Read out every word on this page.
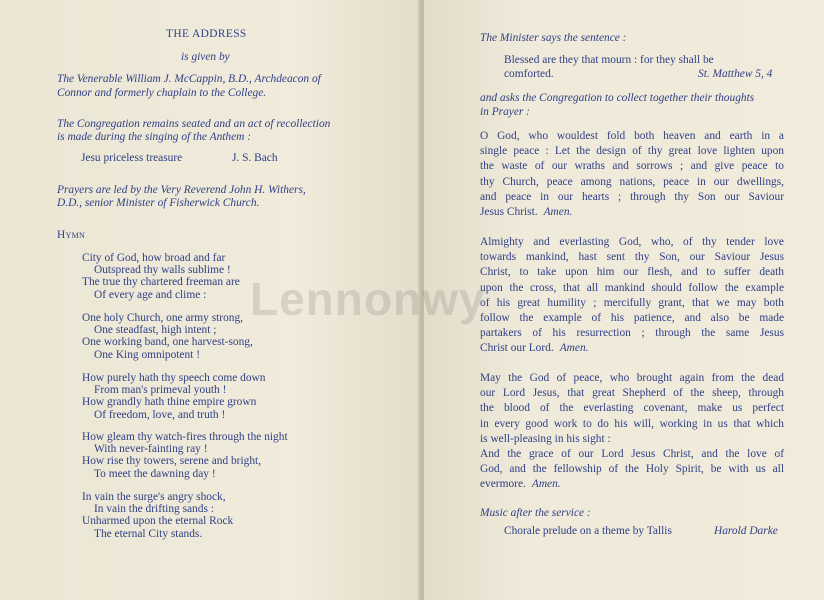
THE ADDRESS
is given by
The Venerable William J. McCappin, B.D., Archdeacon of
Connor and formerly chaplain to the College.
The Congregation remains seated and an act of recollection
is made during the singing of the Anthem :
Jesu priceless treasure	J. S. Bach
Prayers are led by the Very Reverend John H. Withers,
D.D., senior Minister of Fisherwick Church.
Hymn
City of God, how broad and far
Outspread thy walls sublime !
The true thy chartered freeman are
Of every age and clime :
One holy Church, one army strong,
One steadfast, high intent ;
One working band, one harvest-song,
One King omnipotent !
How purely hath thy speech come down
From man's primeval youth !
How grandly hath thine empire grown
Of freedom, love, and truth !
How gleam thy watch-fires through the night
With never-fainting ray !
How rise thy towers, serene and bright,
To meet the dawning day !
In vain the surge's angry shock,
In vain the drifting sands :
Unharmed upon the eternal Rock
The eternal City stands.
The Minister says the sentence :
Blessed are they that mourn : for they shall be
comforted.	St. Matthew 5, 4
and asks the Congregation to collect together their thoughts
in Prayer :
O God, who wouldest fold both heaven and earth in a
single peace : Let the design of thy great love lighten upon
the waste of our wraths and sorrows ; and give peace to
thy Church, peace among nations, peace in our dwellings,
and peace in our hearts ; through thy Son our Saviour
Jesus Christ. Amen.
Almighty and everlasting God, who, of thy tender love
towards mankind, hast sent thy Son, our Saviour Jesus
Christ, to take upon him our flesh, and to suffer death
upon the cross, that all mankind should follow the example
of his great humility ; mercifully grant, that we may both
follow the example of his patience, and also be made
partakers of his resurrection ; through the same Jesus
Christ our Lord. Amen.
May the God of peace, who brought again from the dead
our Lord Jesus, that great Shepherd of the sheep, through
the blood of the everlasting covenant, make us perfect
in every good work to do his will, working in us that which
is well-pleasing in his sight :
And the grace of our Lord Jesus Christ, and the love of
God, and the fellowship of the Holy Spirit, be with us all
evermore. Amen.
Music after the service :
Chorale prelude on a theme by Tallis	Harold Darke
Lennonwy
